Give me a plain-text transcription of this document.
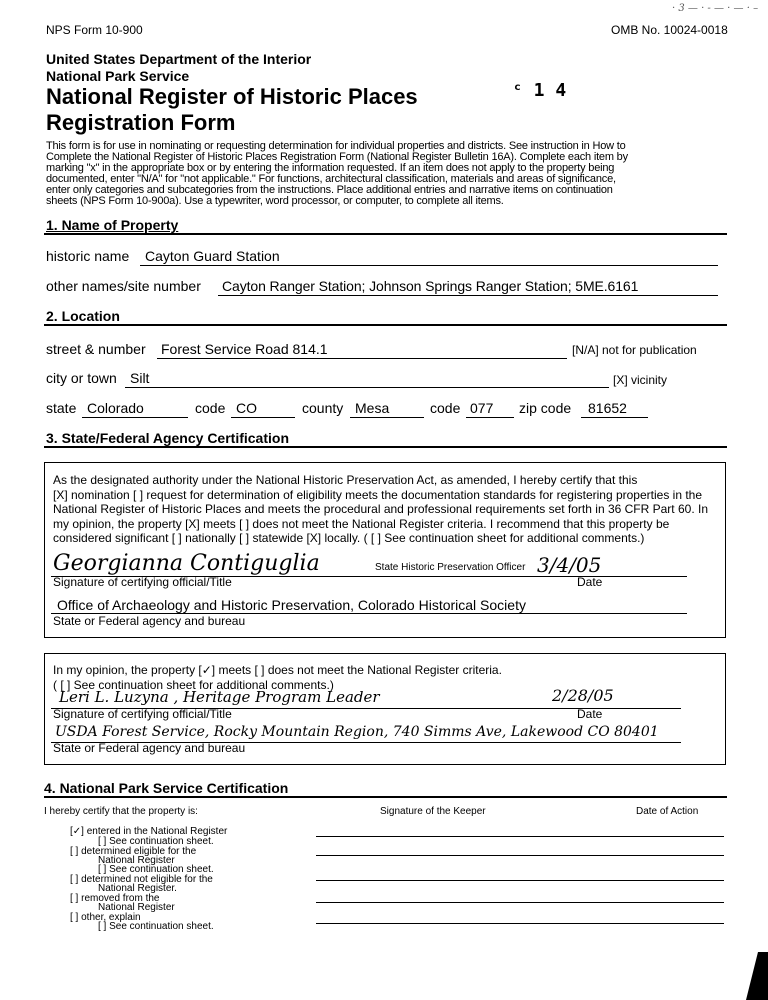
NPS Form 10-900	OMB No. 10024-0018
· 3 — · - — · — · –
ᶜ 1 4
United States Department of the Interior
National Park Service
National Register of Historic Places
Registration Form
This form is for use in nominating or requesting determination for individual properties and districts. See instruction in How to
Complete the National Register of Historic Places Registration Form (National Register Bulletin 16A). Complete each item by
marking "x" in the appropriate box or by entering the information requested. If an item does not apply to the property being
documented, enter "N/A" for "not applicable." For functions, architectural classification, materials and areas of significance,
enter only categories and subcategories from the instructions. Place additional entries and narrative items on continuation
sheets (NPS Form 10-900a). Use a typewriter, word processor, or computer, to complete all items.
1. Name of Property
historic name Cayton Guard Station
other names/site number Cayton Ranger Station; Johnson Springs Ranger Station; 5ME.6161
2. Location
street & number Forest Service Road 814.1	[N/A] not for publication
city or town Silt	[X] vicinity
state Colorado	code CO	county Mesa	code 077 zip code 81652
3. State/Federal Agency Certification
As the designated authority under the National Historic Preservation Act, as amended, I hereby certify that this
[X] nomination [ ] request for determination of eligibility meets the documentation standards for registering properties in the
National Register of Historic Places and meets the procedural and professional requirements set forth in 36 CFR Part 60. In
my opinion, the property [X] meets [ ] does not meet the National Register criteria. I recommend that this property be
considered significant [ ] nationally [ ] statewide [X] locally. ( [ ] See continuation sheet for additional comments.)
Georgianna Contiguglia	State Historic Preservation Officer 3/4/05
Signature of certifying official/Title	Date
Office of Archaeology and Historic Preservation, Colorado Historical Society
State or Federal agency and bureau
In my opinion, the property [✓] meets [ ] does not meet the National Register criteria.
( [ ] See continuation sheet for additional comments.)
Leri L. Luzyna , Heritage Program Leader	2/28/05
Signature of certifying official/Title	Date
USDA Forest Service, Rocky Mountain Region, 740 Simms Ave, Lakewood CO 80401
State or Federal agency and bureau
4. National Park Service Certification
I hereby certify that the property is:	Signature of the Keeper	Date of Action
[✓] entered in the National Register
[ ] See continuation sheet.
[ ] determined eligible for the
National Register
[ ] See continuation sheet.
[ ] determined not eligible for the
National Register.
[ ] removed from the
National Register
[ ] other, explain
[ ] See continuation sheet.
